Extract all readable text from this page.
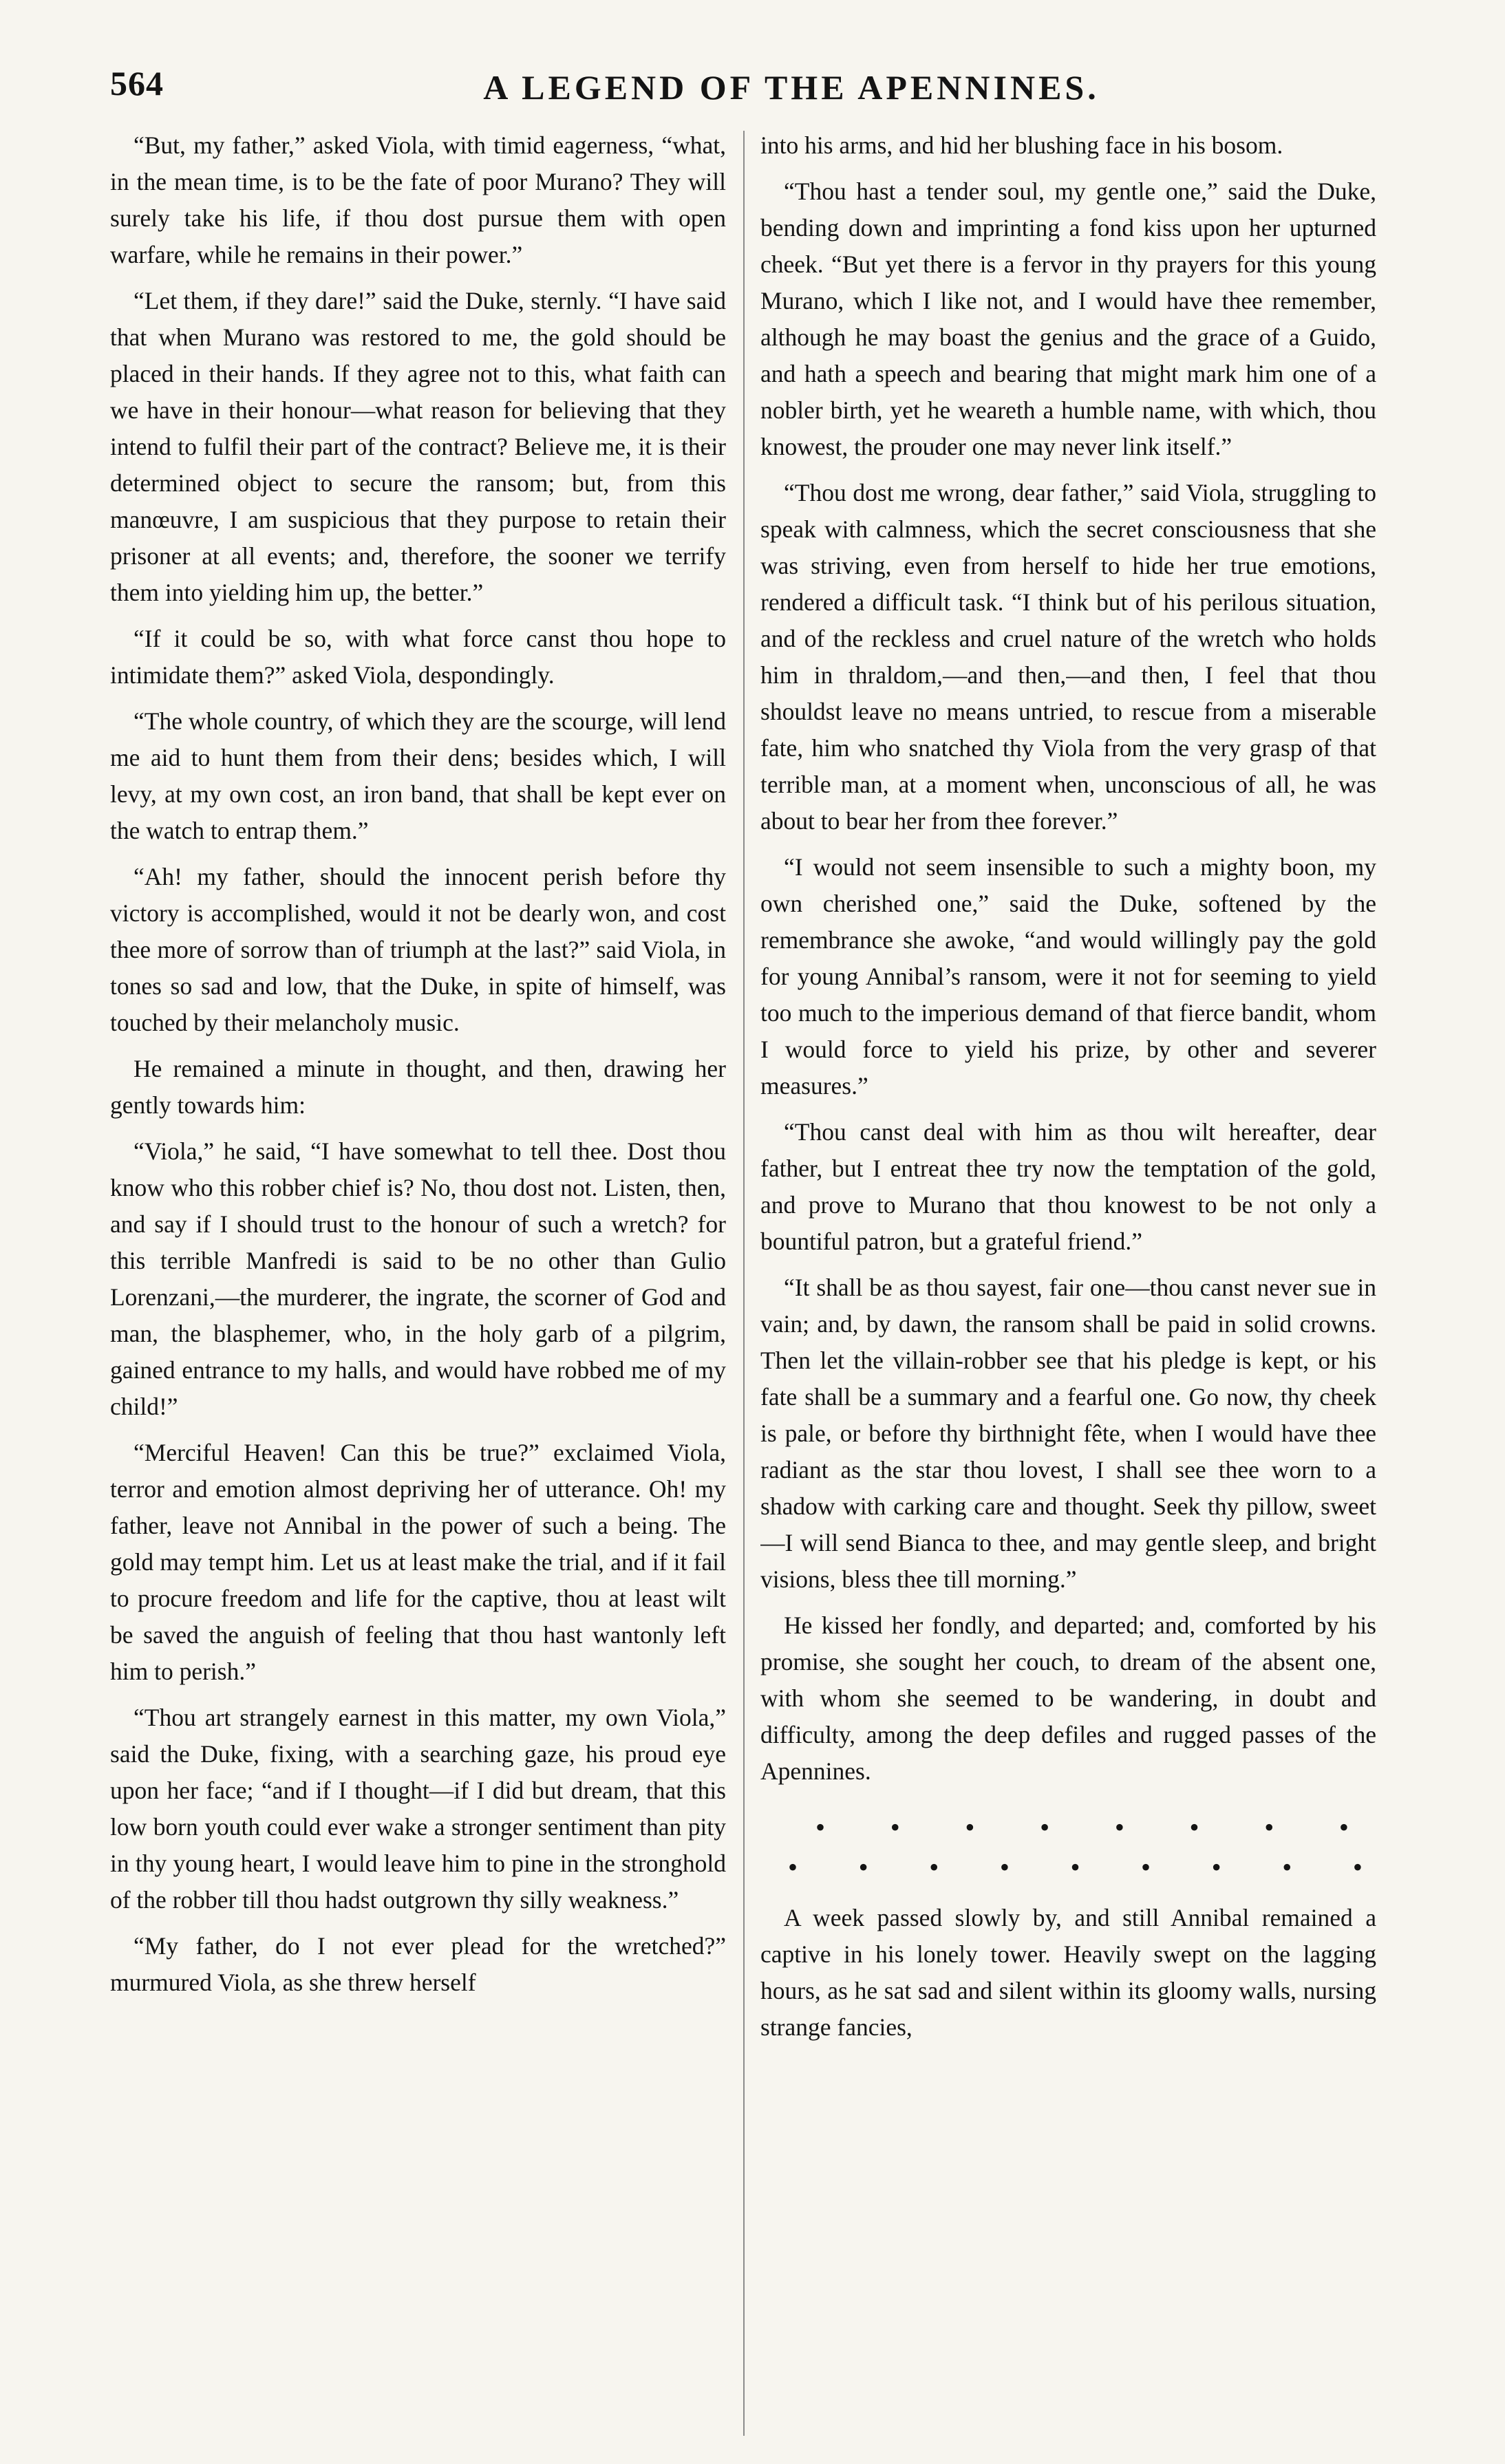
564	A LEGEND OF THE APENNINES.

“But, my father,” asked Viola, with timid eagerness, “what, in the mean time, is to be the fate of poor Murano? They will surely take his life, if thou dost pursue them with open warfare, while he remains in their power.”

“Let them, if they dare!” said the Duke, sternly. “I have said that when Murano was restored to me, the gold should be placed in their hands. If they agree not to this, what faith can we have in their honour—what reason for believing that they intend to fulfil their part of the contract? Believe me, it is their determined object to secure the ransom; but, from this manœuvre, I am suspicious that they purpose to retain their prisoner at all events; and, therefore, the sooner we terrify them into yielding him up, the better.”

“If it could be so, with what force canst thou hope to intimidate them?” asked Viola, despondingly.

“The whole country, of which they are the scourge, will lend me aid to hunt them from their dens; besides which, I will levy, at my own cost, an iron band, that shall be kept ever on the watch to entrap them.”

“Ah! my father, should the innocent perish before thy victory is accomplished, would it not be dearly won, and cost thee more of sorrow than of triumph at the last?” said Viola, in tones so sad and low, that the Duke, in spite of himself, was touched by their melancholy music.

He remained a minute in thought, and then, drawing her gently towards him:

“Viola,” he said, “I have somewhat to tell thee. Dost thou know who this robber chief is? No, thou dost not. Listen, then, and say if I should trust to the honour of such a wretch? for this terrible Manfredi is said to be no other than Gulio Lorenzani,—the murderer, the ingrate, the scorner of God and man, the blasphemer, who, in the holy garb of a pilgrim, gained entrance to my halls, and would have robbed me of my child!”

“Merciful Heaven! Can this be true?” exclaimed Viola, terror and emotion almost depriving her of utterance. Oh! my father, leave not Annibal in the power of such a being. The gold may tempt him. Let us at least make the trial, and if it fail to procure freedom and life for the captive, thou at least wilt be saved the anguish of feeling that thou hast wantonly left him to perish.”

“Thou art strangely earnest in this matter, my own Viola,” said the Duke, fixing, with a searching gaze, his proud eye upon her face; “and if I thought—if I did but dream, that this low born youth could ever wake a stronger sentiment than pity in thy young heart, I would leave him to pine in the stronghold of the robber till thou hadst outgrown thy silly weakness.”

“My father, do I not ever plead for the wretched?” murmured Viola, as she threw herself

into his arms, and hid her blushing face in his bosom.

“Thou hast a tender soul, my gentle one,” said the Duke, bending down and imprinting a fond kiss upon her upturned cheek. “But yet there is a fervor in thy prayers for this young Murano, which I like not, and I would have thee remember, although he may boast the genius and the grace of a Guido, and hath a speech and bearing that might mark him one of a nobler birth, yet he weareth a humble name, with which, thou knowest, the prouder one may never link itself.”

“Thou dost me wrong, dear father,” said Viola, struggling to speak with calmness, which the secret consciousness that she was striving, even from herself to hide her true emotions, rendered a difficult task. “I think but of his perilous situation, and of the reckless and cruel nature of the wretch who holds him in thraldom,—and then,—and then, I feel that thou shouldst leave no means untried, to rescue from a miserable fate, him who snatched thy Viola from the very grasp of that terrible man, at a moment when, unconscious of all, he was about to bear her from thee forever.”

“I would not seem insensible to such a mighty boon, my own cherished one,” said the Duke, softened by the remembrance she awoke, “and would willingly pay the gold for young Annibal’s ransom, were it not for seeming to yield too much to the imperious demand of that fierce bandit, whom I would force to yield his prize, by other and severer measures.”

“Thou canst deal with him as thou wilt hereafter, dear father, but I entreat thee try now the temptation of the gold, and prove to Murano that thou knowest to be not only a bountiful patron, but a grateful friend.”

“It shall be as thou sayest, fair one—thou canst never sue in vain; and, by dawn, the ransom shall be paid in solid crowns. Then let the villain-robber see that his pledge is kept, or his fate shall be a summary and a fearful one. Go now, thy cheek is pale, or before thy birthnight fête, when I would have thee radiant as the star thou lovest, I shall see thee worn to a shadow with carking care and thought. Seek thy pillow, sweet—I will send Bianca to thee, and may gentle sleep, and bright visions, bless thee till morning.”

He kissed her fondly, and departed; and, comforted by his promise, she sought her couch, to dream of the absent one, with whom she seemed to be wandering, in doubt and difficulty, among the deep defiles and rugged passes of the Apennines.

• • • • • • • •
• • • • • • • • •

A week passed slowly by, and still Annibal remained a captive in his lonely tower. Heavily swept on the lagging hours, as he sat sad and silent within its gloomy walls, nursing strange fancies,
